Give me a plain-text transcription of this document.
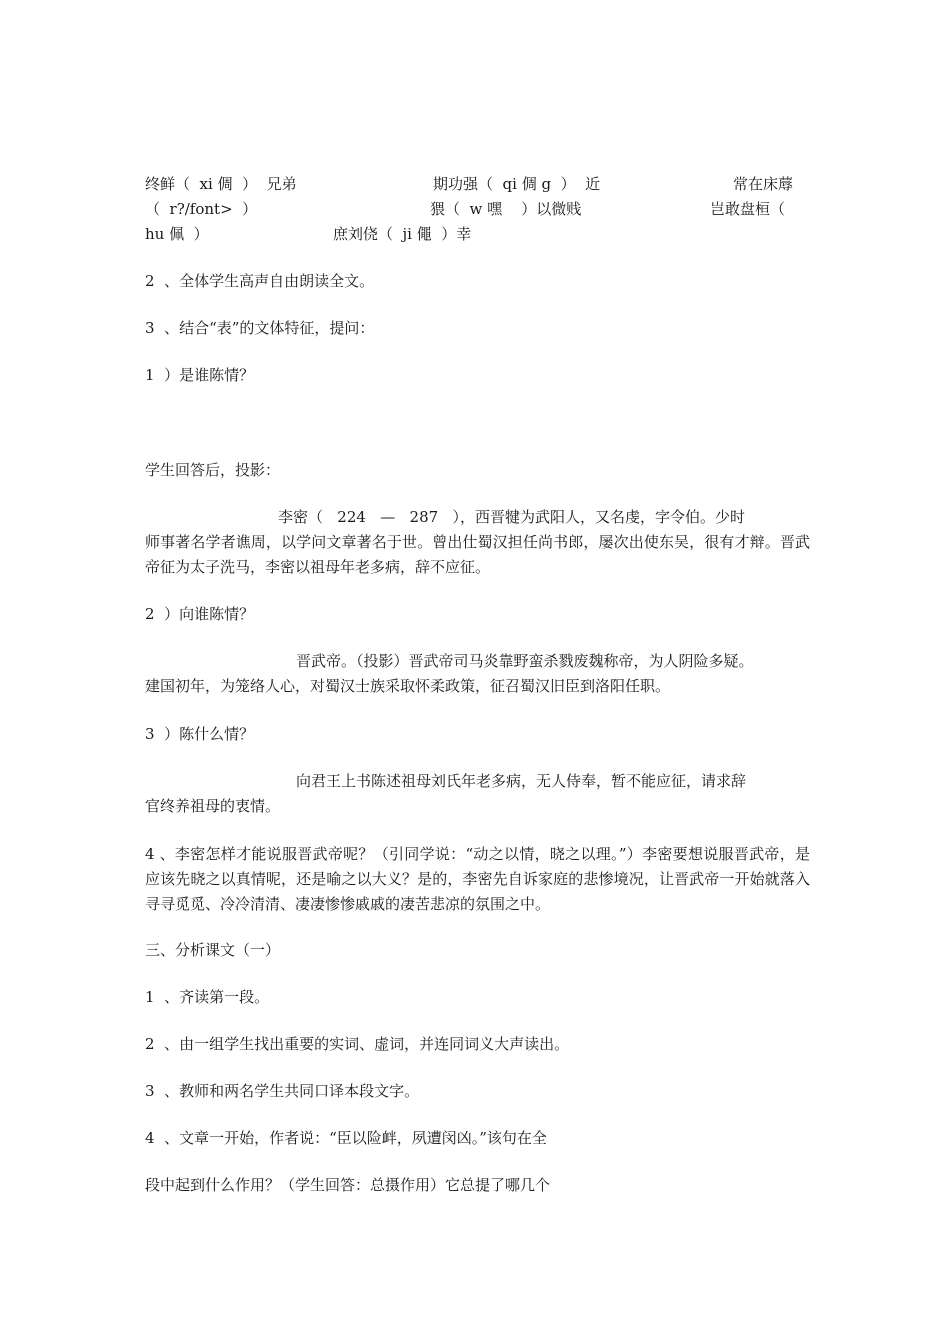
终鲜（  xi 倜  ）  兄弟	期功强（  qi 倜 g  ）  近	常在床蓐
（  r?/font>  ）	猥（  w 嘿    ）以微贱	岂敢盘桓（
hu 佩  ）	庶刘侥（  ji 僶  ）幸
2  、全体学生高声自由朗读全文。
3  、结合“表”的文体特征，提问：
1  ）是谁陈情？
学生回答后，投影：
李密（   224   —   287   ），西晋犍为武阳人，又名虔，字令伯。少时
师事著名学者谯周，以学问文章著名于世。曾出仕蜀汉担任尚书郎，屡次出使东吴，很有才辩。晋武帝征为太子洗马，李密以祖母年老多病，辞不应征。
2  ）向谁陈情？
晋武帝。（投影）晋武帝司马炎靠野蛮杀戮废魏称帝，为人阴险多疑。
建国初年，为笼络人心，对蜀汉士族采取怀柔政策，征召蜀汉旧臣到洛阳任职。
3  ）陈什么情？
向君王上书陈述祖母刘氏年老多病，无人侍奉，暂不能应征，请求辞
官终养祖母的衷情。
4 、李密怎样才能说服晋武帝呢？（引同学说：“动之以情，晓之以理。”）李密要想说服晋武帝，是应该先晓之以真情呢，还是喻之以大义？是的，李密先自诉家庭的悲惨境况，让晋武帝一开始就落入寻寻觅觅、冷冷清清、凄凄惨惨戚戚的凄苦悲凉的氛围之中。
三、分析课文（一）
1  、齐读第一段。
2  、由一组学生找出重要的实词、虚词，并连同词义大声读出。
3  、教师和两名学生共同口译本段文字。
4  、文章一开始，作者说：“臣以险衅，夙遭闵凶。”该句在全
段中起到什么作用？（学生回答：总摄作用）它总提了哪几个
